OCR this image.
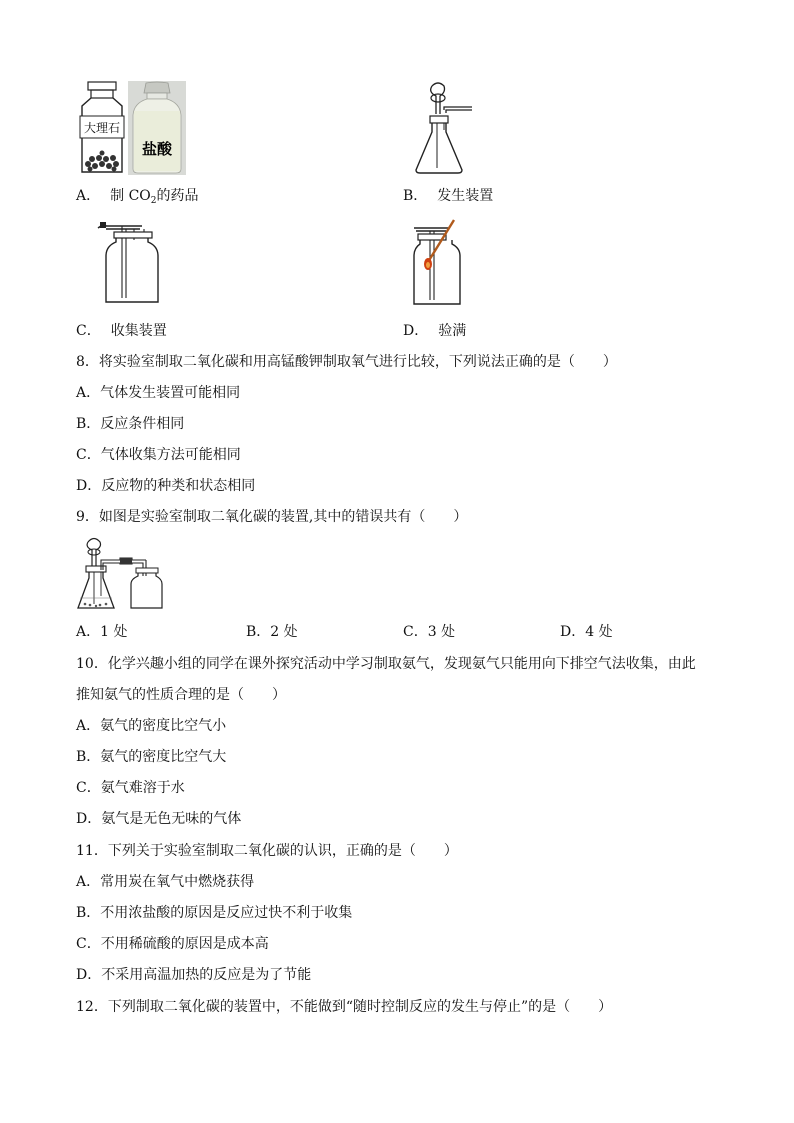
大理石
盐酸
A． 制 $CO_2$的药品	B． 发生装置
C． 收集装置	D． 验满
8．将实验室制取二氧化碳和用高锰酸钾制取氧气进行比较，下列说法正确的是（　　）
A．气体发生装置可能相同
B．反应条件相同
C．气体收集方法可能相同
D．反应物的种类和状态相同
9．如图是实验室制取二氧化碳的装置,其中的错误共有（　　）
A．1 处	B．2 处	C．3 处	D．4 处
10．化学兴趣小组的同学在课外探究活动中学习制取氨气，发现氨气只能用向下排空气法收集，由此
推知氨气的性质合理的是（　　）
A．氨气的密度比空气小
B．氨气的密度比空气大
C．氨气难溶于水
D．氨气是无色无味的气体
11．下列关于实验室制取二氧化碳的认识，正确的是（　　）
A．常用炭在氧气中燃烧获得
B．不用浓盐酸的原因是反应过快不利于收集
C．不用稀硫酸的原因是成本高
D．不采用高温加热的反应是为了节能
12．下列制取二氧化碳的装置中，不能做到“随时控制反应的发生与停止”的是（　　）
